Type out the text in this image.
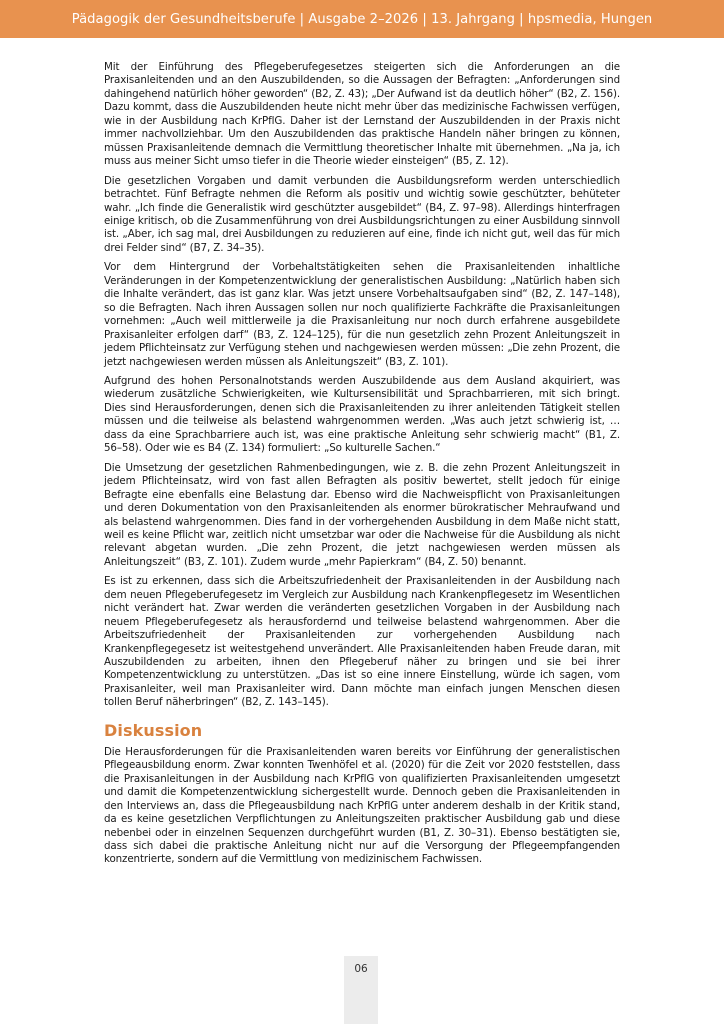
Pädagogik der Gesundheitsberufe | Ausgabe 2–2026 | 13. Jahrgang | hpsmedia, Hungen

Mit der Einführung des Pflegeberufegesetzes steigerten sich die Anforderungen an die Praxisanleitenden und an den Auszubildenden, so die Aussagen der Befragten: „Anforderungen sind dahingehend natürlich höher geworden“ (B2, Z. 43); „Der Aufwand ist da deutlich höher“ (B2, Z. 156). Dazu kommt, dass die Auszubildenden heute nicht mehr über das medizinische Fachwissen verfügen, wie in der Ausbildung nach KrPflG. Daher ist der Lernstand der Auszubildenden in der Praxis nicht immer nachvollziehbar. Um den Auszubildenden das praktische Handeln näher bringen zu können, müssen Praxisanleitende demnach die Vermittlung theoretischer Inhalte mit übernehmen. „Na ja, ich muss aus meiner Sicht umso tiefer in die Theorie wieder einsteigen“ (B5, Z. 12).

Die gesetzlichen Vorgaben und damit verbunden die Ausbildungsreform werden unterschiedlich betrachtet. Fünf Befragte nehmen die Reform als positiv und wichtig sowie geschützter, behüteter wahr. „Ich finde die Generalistik wird geschützter ausgebildet“ (B4, Z. 97–98). Allerdings hinterfragen einige kritisch, ob die Zusammenführung von drei Ausbildungsrichtungen zu einer Ausbildung sinnvoll ist. „Aber, ich sag mal, drei Ausbildungen zu reduzieren auf eine, finde ich nicht gut, weil das für mich drei Felder sind“ (B7, Z. 34–35).

Vor dem Hintergrund der Vorbehaltstätigkeiten sehen die Praxisanleitenden inhaltliche Veränderungen in der Kompetenzentwicklung der generalistischen Ausbildung: „Natürlich haben sich die Inhalte verändert, das ist ganz klar. Was jetzt unsere Vorbehaltsaufgaben sind“ (B2, Z. 147–148), so die Befragten. Nach ihren Aussagen sollen nur noch qualifizierte Fachkräfte die Praxisanleitungen vornehmen: „Auch weil mittlerweile ja die Praxisanleitung nur noch durch erfahrene ausgebildete Praxisanleiter erfolgen darf“ (B3, Z. 124–125), für die nun gesetzlich zehn Prozent Anleitungszeit in jedem Pflichteinsatz zur Verfügung stehen und nachgewiesen werden müssen: „Die zehn Prozent, die jetzt nachgewiesen werden müssen als Anleitungszeit“ (B3, Z. 101).

Aufgrund des hohen Personalnotstands werden Auszubildende aus dem Ausland akquiriert, was wiederum zusätzliche Schwierigkeiten, wie Kultursensibilität und Sprachbarrieren, mit sich bringt. Dies sind Herausforderungen, denen sich die Praxisanleitenden zu ihrer anleitenden Tätigkeit stellen müssen und die teilweise als belastend wahrgenommen werden. „Was auch jetzt schwierig ist, … dass da eine Sprachbarriere auch ist, was eine praktische Anleitung sehr schwierig macht“ (B1, Z. 56–58). Oder wie es B4 (Z. 134) formuliert: „So kulturelle Sachen.“

Die Umsetzung der gesetzlichen Rahmenbedingungen, wie z. B. die zehn Prozent Anleitungszeit in jedem Pflichteinsatz, wird von fast allen Befragten als positiv bewertet, stellt jedoch für einige Befragte eine ebenfalls eine Belastung dar. Ebenso wird die Nachweispflicht von Praxisanleitungen und deren Dokumentation von den Praxisanleitenden als enormer bürokratischer Mehraufwand und als belastend wahrgenommen. Dies fand in der vorhergehenden Ausbildung in dem Maße nicht statt, weil es keine Pflicht war, zeitlich nicht umsetzbar war oder die Nachweise für die Ausbildung als nicht relevant abgetan wurden. „Die zehn Prozent, die jetzt nachgewiesen werden müssen als Anleitungszeit“ (B3, Z. 101). Zudem wurde „mehr Papierkram“ (B4, Z. 50) benannt.

Es ist zu erkennen, dass sich die Arbeitszufriedenheit der Praxisanleitenden in der Ausbildung nach dem neuen Pflegeberufegesetz im Vergleich zur Ausbildung nach Krankenpflegesetz im Wesentlichen nicht verändert hat. Zwar werden die veränderten gesetzlichen Vorgaben in der Ausbildung nach neuem Pflegeberufegesetz als herausfordernd und teilweise belastend wahrgenommen. Aber die Arbeitszufriedenheit der Praxisanleitenden zur vorhergehenden Ausbildung nach Krankenpflegegesetz ist weitestgehend unverändert. Alle Praxisanleitenden haben Freude daran, mit Auszubildenden zu arbeiten, ihnen den Pflegeberuf näher zu bringen und sie bei ihrer Kompetenzentwicklung zu unterstützen. „Das ist so eine innere Einstellung, würde ich sagen, vom Praxisanleiter, weil man Praxisanleiter wird. Dann möchte man einfach jungen Menschen diesen tollen Beruf näherbringen“ (B2, Z. 143–145).

Diskussion

Die Herausforderungen für die Praxisanleitenden waren bereits vor Einführung der generalistischen Pflegeausbildung enorm. Zwar konnten Twenhöfel et al. (2020) für die Zeit vor 2020 feststellen, dass die Praxisanleitungen in der Ausbildung nach KrPflG von qualifizierten Praxisanleitenden umgesetzt und damit die Kompetenzentwicklung sichergestellt wurde. Dennoch geben die Praxisanleitenden in den Interviews an, dass die Pflegeausbildung nach KrPflG unter anderem deshalb in der Kritik stand, da es keine gesetzlichen Verpflichtungen zu Anleitungszeiten praktischer Ausbildung gab und diese nebenbei oder in einzelnen Sequenzen durchgeführt wurden (B1, Z. 30–31). Ebenso bestätigten sie, dass sich dabei die praktische Anleitung nicht nur auf die Versorgung der Pflegeempfangenden konzentrierte, sondern auf die Vermittlung von medizinischem Fachwissen.

06
